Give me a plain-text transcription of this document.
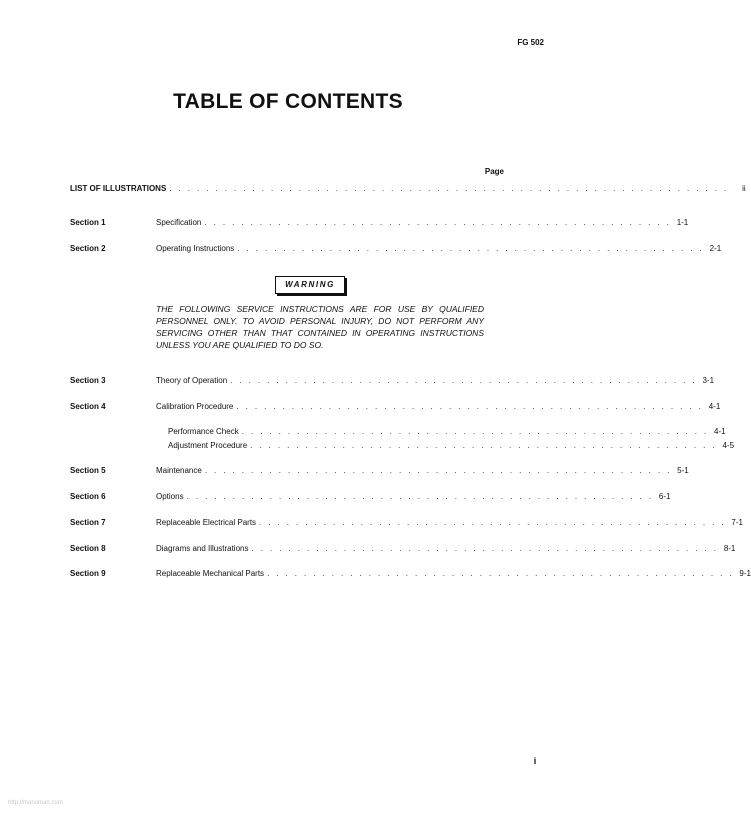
FG 502
TABLE OF CONTENTS
Page
LIST OF ILLUSTRATIONS . . . . . . . . . . . . . . . . . . . . . . . . . . . . . . . . . . . . . . . . . . . . . . . . . . . . . . . . . . . . .	ii
Section 1	Specification . . . . . . . . . . . . . . . . . . . . . . . . . . . . . . . . . . . . . . . . . . . . . . . . . . . 1-1
Section 2	Operating Instructions . . . . . . . . . . . . . . . . . . . . . . . . . . . . . . . . . . . . . . . . . . . . . . . . . . . 2-1
WARNING
THE FOLLOWING SERVICE INSTRUCTIONS ARE FOR USE BY QUALIFIED PERSONNEL ONLY. TO AVOID PERSONAL INJURY, DO NOT PERFORM ANY SERVICING OTHER THAN THAT CONTAINED IN OPERATING INSTRUCTIONS UNLESS YOU ARE QUALIFIED TO DO SO.
Section 3	Theory of Operation . . . . . . . . . . . . . . . . . . . . . . . . . . . . . . . . . . . . . . . . . . . . . . . . . . . 3-1
Section 4	Calibration Procedure . . . . . . . . . . . . . . . . . . . . . . . . . . . . . . . . . . . . . . . . . . . . . . . . . . . 4-1
Performance Check . . . . . . . . . . . . . . . . . . . . . . . . . . . . . . . . . . . . . . . . . . . . . . . . . . . 4-1
Adjustment Procedure . . . . . . . . . . . . . . . . . . . . . . . . . . . . . . . . . . . . . . . . . . . . . . . . . . . 4-5
Section 5	Maintenance . . . . . . . . . . . . . . . . . . . . . . . . . . . . . . . . . . . . . . . . . . . . . . . . . . . 5-1
Section 6	Options . . . . . . . . . . . . . . . . . . . . . . . . . . . . . . . . . . . . . . . . . . . . . . . . . . . 6-1
Section 7	Replaceable Electrical Parts . . . . . . . . . . . . . . . . . . . . . . . . . . . . . . . . . . . . . . . . . . . . . . . . . . . 7-1
Section 8	Diagrams and Illustrations . . . . . . . . . . . . . . . . . . . . . . . . . . . . . . . . . . . . . . . . . . . . . . . . . . . 8-1
Section 9	Replaceable Mechanical Parts . . . . . . . . . . . . . . . . . . . . . . . . . . . . . . . . . . . . . . . . . . . . . . . . . . . 9-1
i
http://manoman.com
